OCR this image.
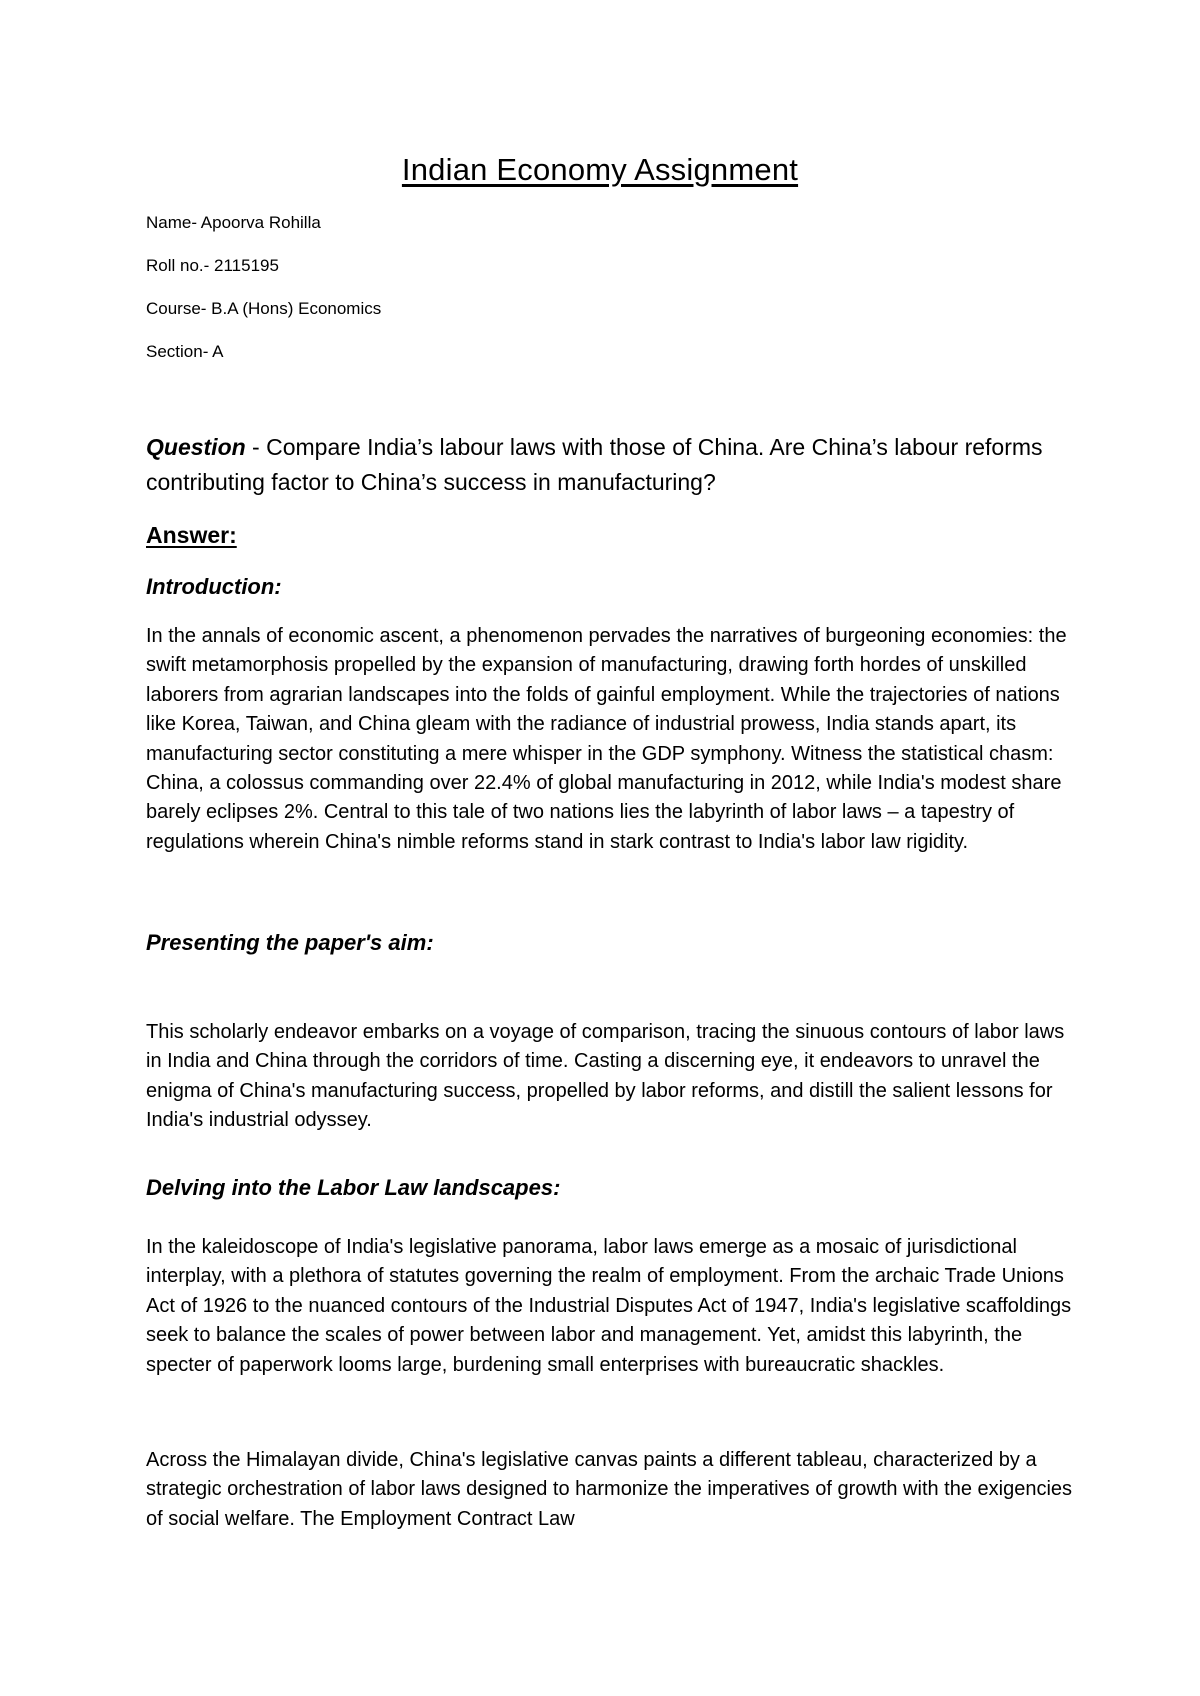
Indian Economy Assignment
Name- Apoorva Rohilla
Roll no.- 2115195
Course- B.A (Hons) Economics
Section- A
Question - Compare India’s labour laws with those of China. Are China’s labour reforms contributing factor to China’s success in manufacturing?
Answer:
Introduction:
In the annals of economic ascent, a phenomenon pervades the narratives of burgeoning economies: the swift metamorphosis propelled by the expansion of manufacturing, drawing forth hordes of unskilled laborers from agrarian landscapes into the folds of gainful employment. While the trajectories of nations like Korea, Taiwan, and China gleam with the radiance of industrial prowess, India stands apart, its manufacturing sector constituting a mere whisper in the GDP symphony. Witness the statistical chasm: China, a colossus commanding over 22.4% of global manufacturing in 2012, while India's modest share barely eclipses 2%. Central to this tale of two nations lies the labyrinth of labor laws – a tapestry of regulations wherein China's nimble reforms stand in stark contrast to India's labor law rigidity.
Presenting the paper's aim:
This scholarly endeavor embarks on a voyage of comparison, tracing the sinuous contours of labor laws in India and China through the corridors of time. Casting a discerning eye, it endeavors to unravel the enigma of China's manufacturing success, propelled by labor reforms, and distill the salient lessons for India's industrial odyssey.
Delving into the Labor Law landscapes:
In the kaleidoscope of India's legislative panorama, labor laws emerge as a mosaic of jurisdictional interplay, with a plethora of statutes governing the realm of employment. From the archaic Trade Unions Act of 1926 to the nuanced contours of the Industrial Disputes Act of 1947, India's legislative scaffoldings seek to balance the scales of power between labor and management. Yet, amidst this labyrinth, the specter of paperwork looms large, burdening small enterprises with bureaucratic shackles.
Across the Himalayan divide, China's legislative canvas paints a different tableau, characterized by a strategic orchestration of labor laws designed to harmonize the imperatives of growth with the exigencies of social welfare. The Employment Contract Law
